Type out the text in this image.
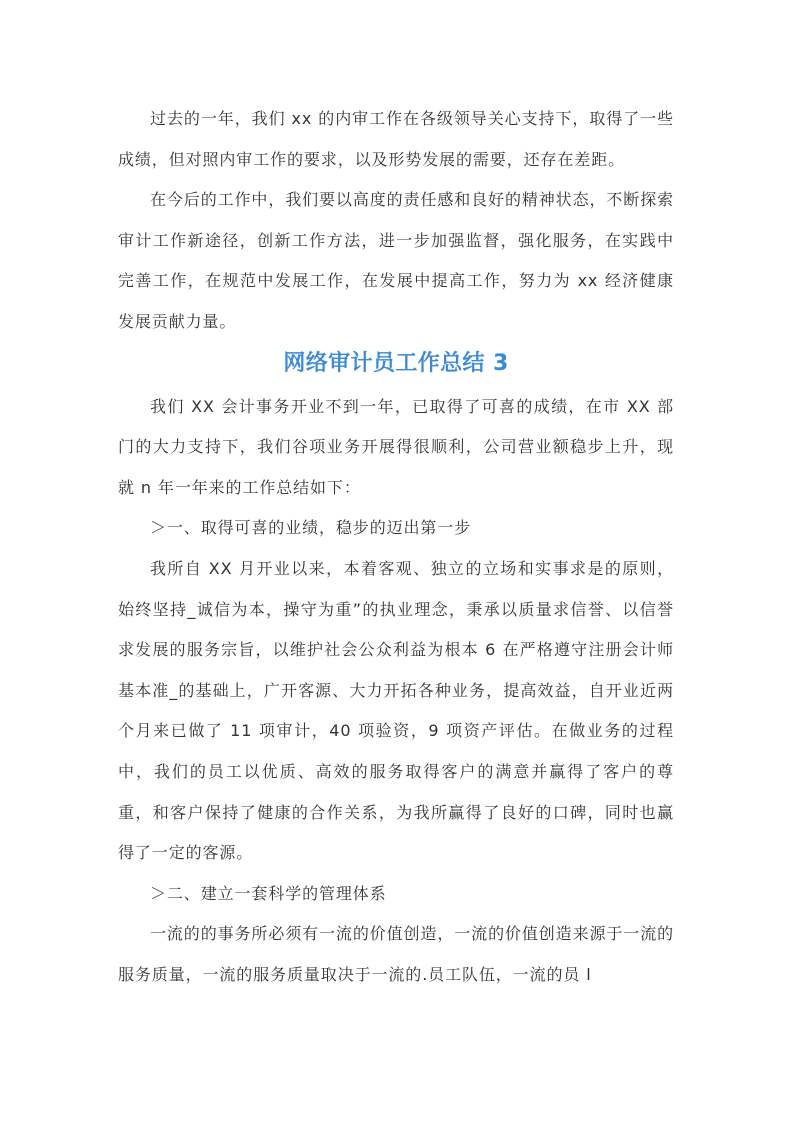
过去的一年，我们 xx 的内审工作在各级领导关心支持下，取得了一些成绩，但对照内审工作的要求，以及形势发展的需要，还存在差距。

在今后的工作中，我们要以高度的责任感和良好的精神状态，不断探索审计工作新途径，创新工作方法，进一步加强监督，强化服务，在实践中完善工作，在规范中发展工作，在发展中提高工作，努力为 xx 经济健康发展贡献力量。

网络审计员工作总结 3

我们 XX 会计事务开业不到一年，已取得了可喜的成绩，在市 XX 部门的大力支持下，我们谷项业务开展得很顺利，公司营业额稳步上升，现就 n 年一年来的工作总结如下：

＞一、取得可喜的业绩，稳步的迈出第一步

我所自 XX 月开业以来，本着客观、独立的立场和实事求是的原则，始终坚持_诚信为本，操守为重”的执业理念，秉承以质量求信誉、以信誉求发展的服务宗旨，以维护社会公众利益为根本 6 在严格遵守注册会计师基本准_的基础上，广开客源、大力开拓各种业务，提高效益，自开业近两个月来已做了 11 项审计，40 项验资，9 项资产评估。在做业务的过程中，我们的员工以优质、高效的服务取得客户的满意并赢得了客户的尊重，和客户保持了健康的合作关系，为我所赢得了良好的口碑，同时也赢得了一定的客源。

＞二、建立一套科学的管理体系

一流的的事务所必须有一流的价值创造，一流的价值创造来源于一流的服务质量，一流的服务质量取决于一流的.员工队伍，一流的员 l
